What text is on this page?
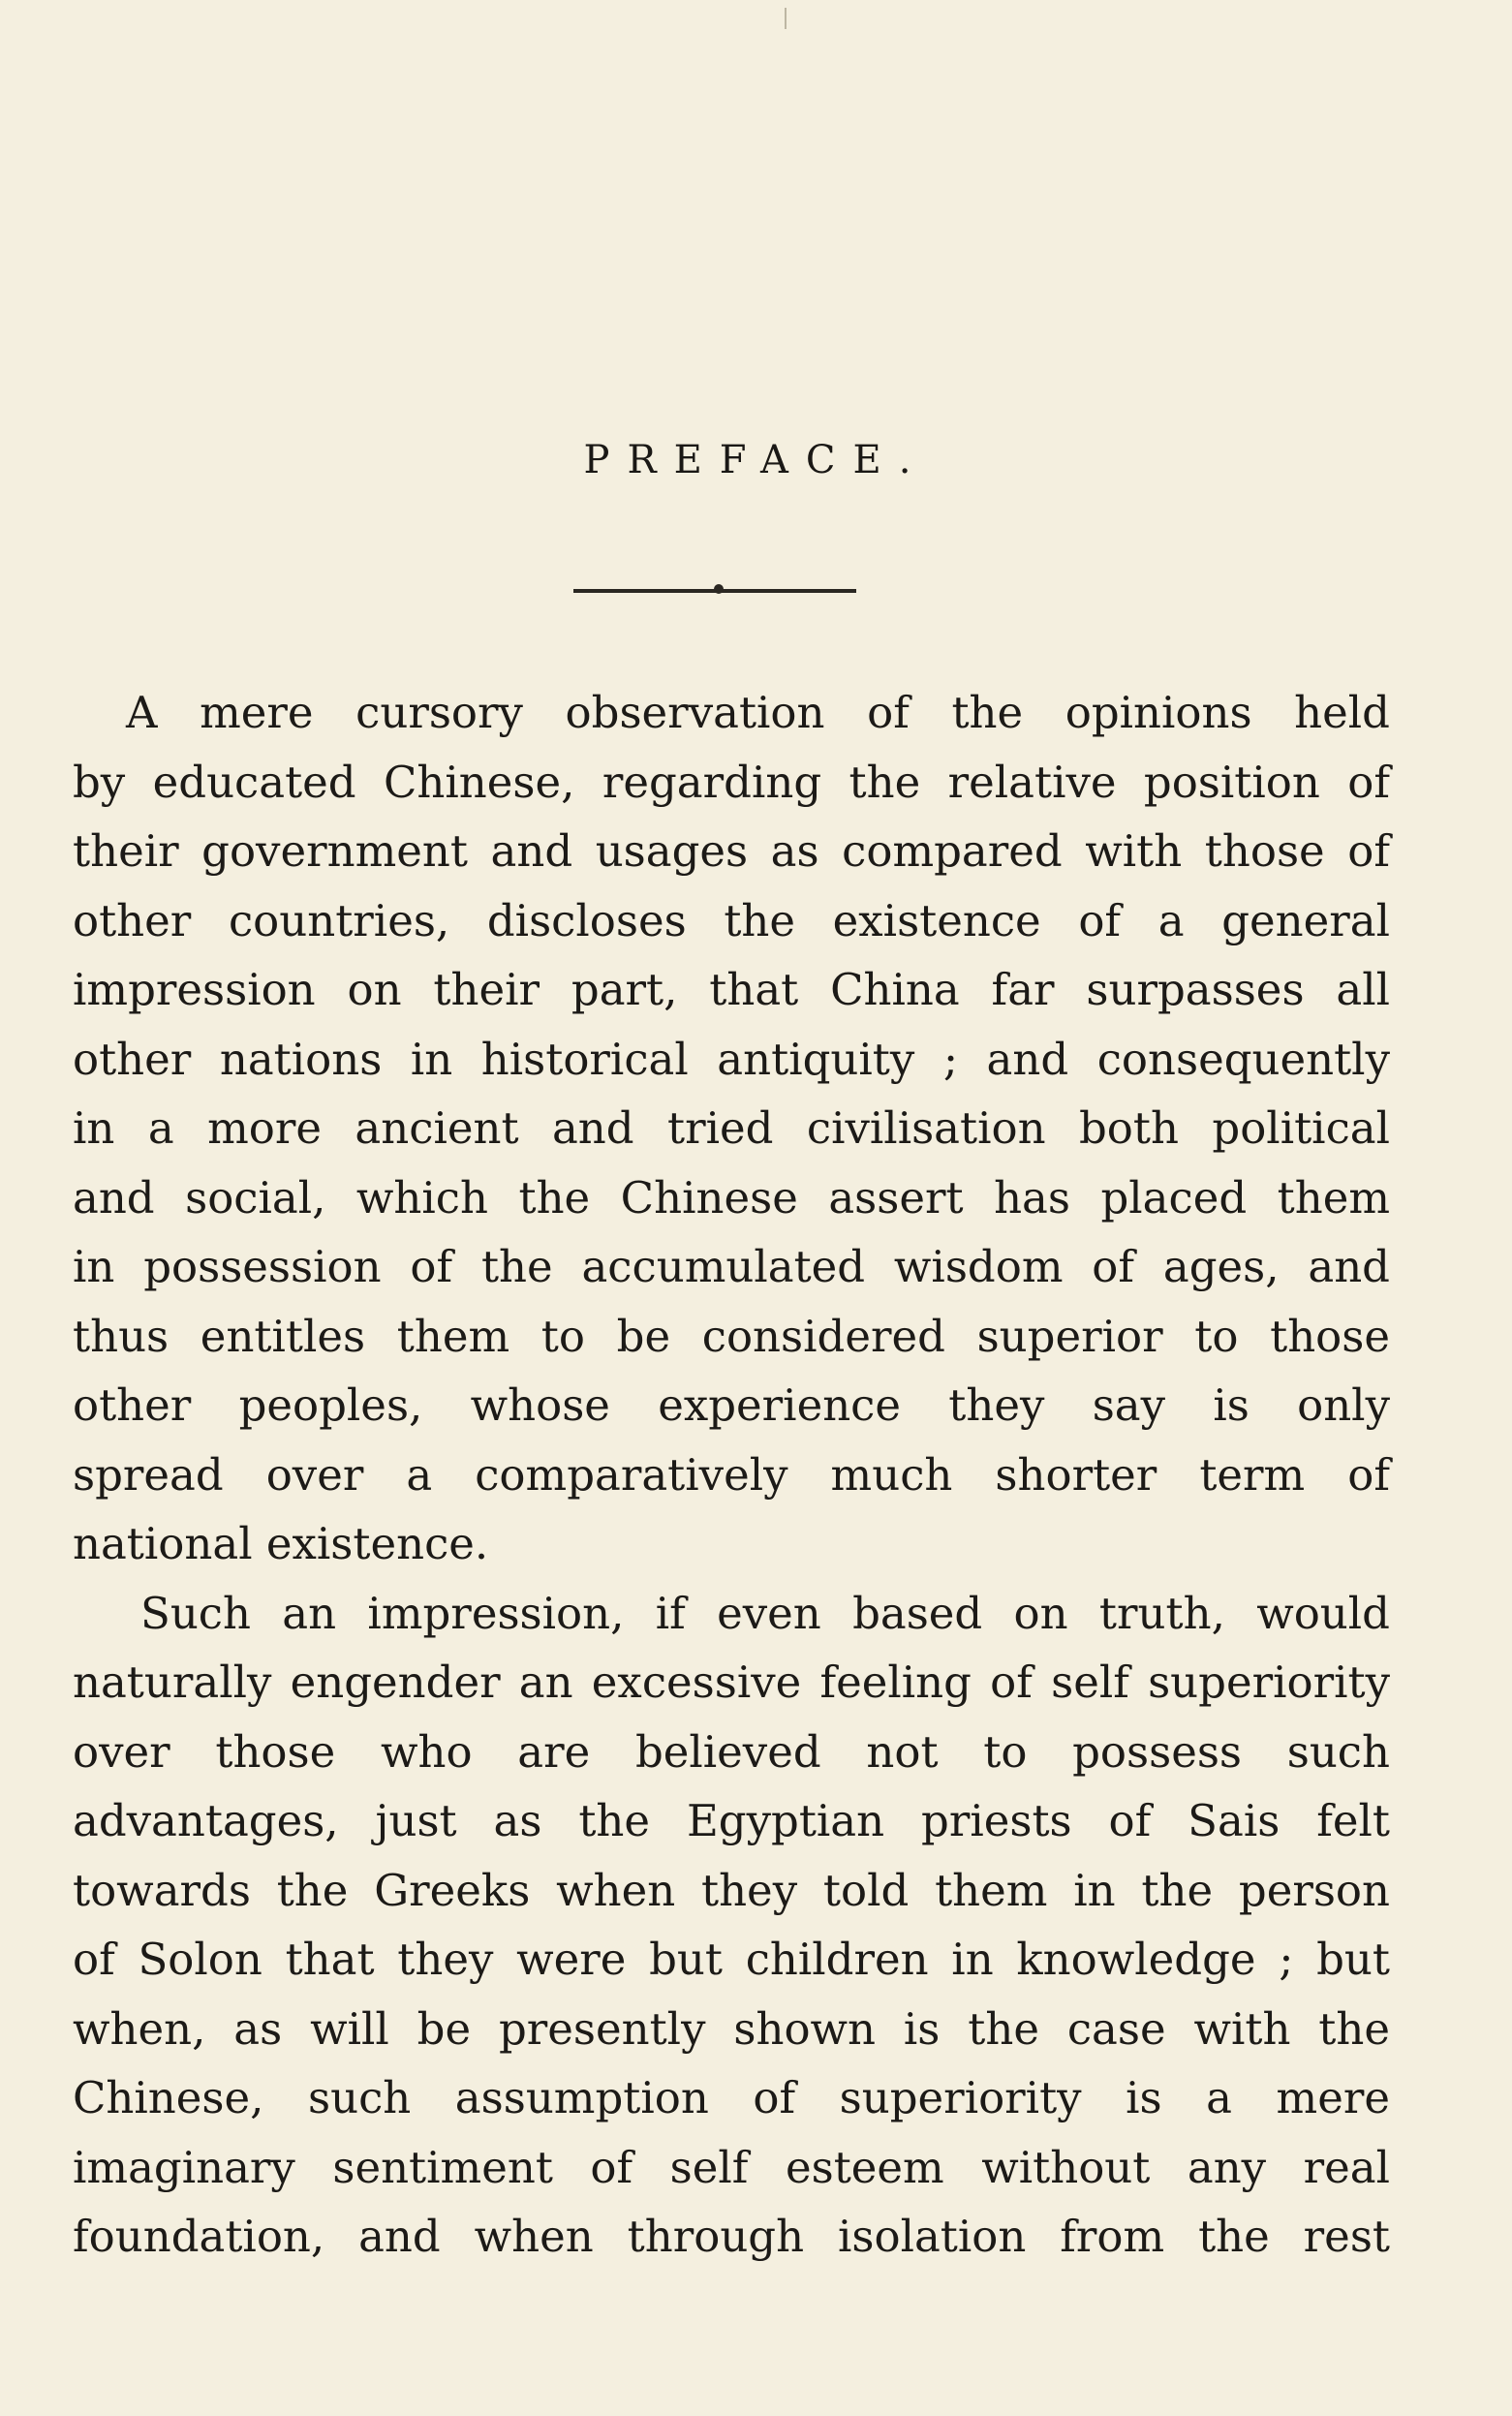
PREFACE.
A mere cursory observation of the opinions held
by educated Chinese, regarding the relative position of
their government and usages as compared with those of
other countries, discloses the existence of a general
impression on their part, that China far surpasses all
other nations in historical antiquity ; and consequently
in a more ancient and tried civilisation both political
and social, which the Chinese assert has placed them
in possession of the accumulated wisdom of ages, and
thus entitles them to be considered superior to those
other peoples, whose experience they say is only
spread over a comparatively much shorter term of
national existence.
Such an impression, if even based on truth, would
naturally engender an excessive feeling of self superiority
over those who are believed not to possess such
advantages, just as the Egyptian priests of Sais felt
towards the Greeks when they told them in the person
of Solon that they were but children in knowledge ; but
when, as will be presently shown is the case with the
Chinese, such assumption of superiority is a mere
imaginary sentiment of self esteem without any real
foundation, and when through isolation from the rest
